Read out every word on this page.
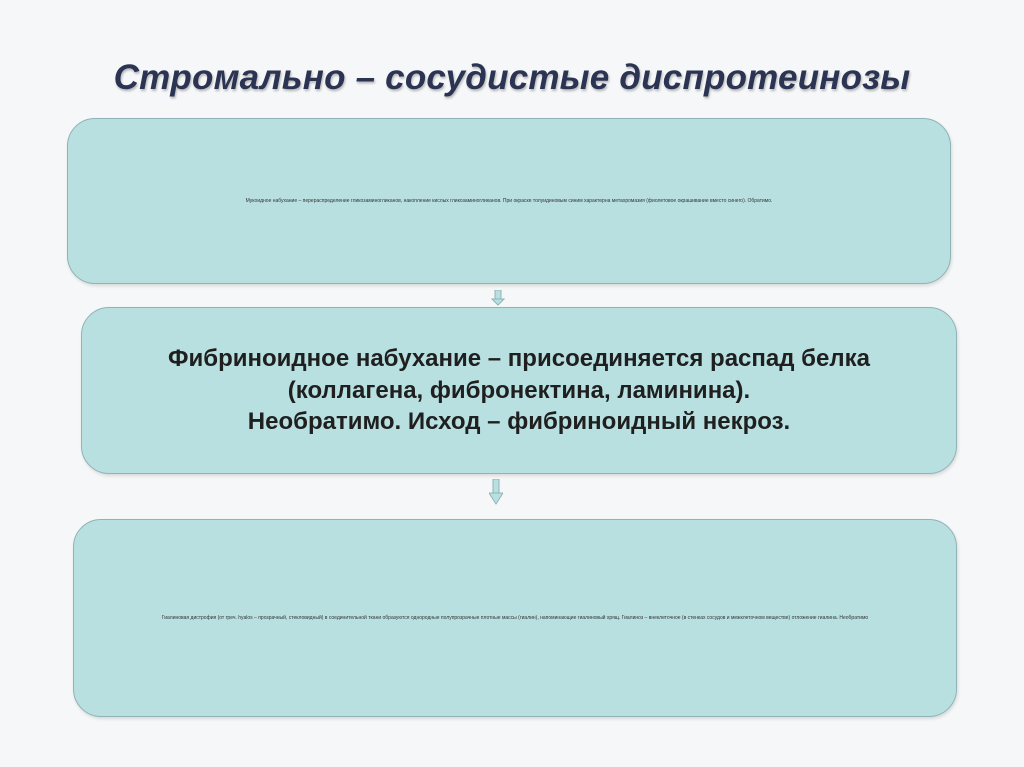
Стромально – сосудистые диспротеинозы
Мукоидное набухание – перераспределение гликозаминогликанов, накопление кислых гликозаминогликанов. При окраске толуидиновым синим характерна метахромазия (фиолетовое окрашивание вместо синего). Обратимо.
Фибриноидное набухание – присоединяется распад белка
(коллагена, фибронектина, ламинина).
Необратимо. Исход – фибриноидный некроз.
Гиалиновая дистрофия (от греч. hyalos – прозрачный, стекловидный) в соединительной ткани образуются однородные полупрозрачные плотные массы (гиалин), напоминающие гиалиновый хрящ. Гиалиноз – внеклеточное (в стенках сосудов и межклеточном веществе) отложение гиалина. Необратимо
